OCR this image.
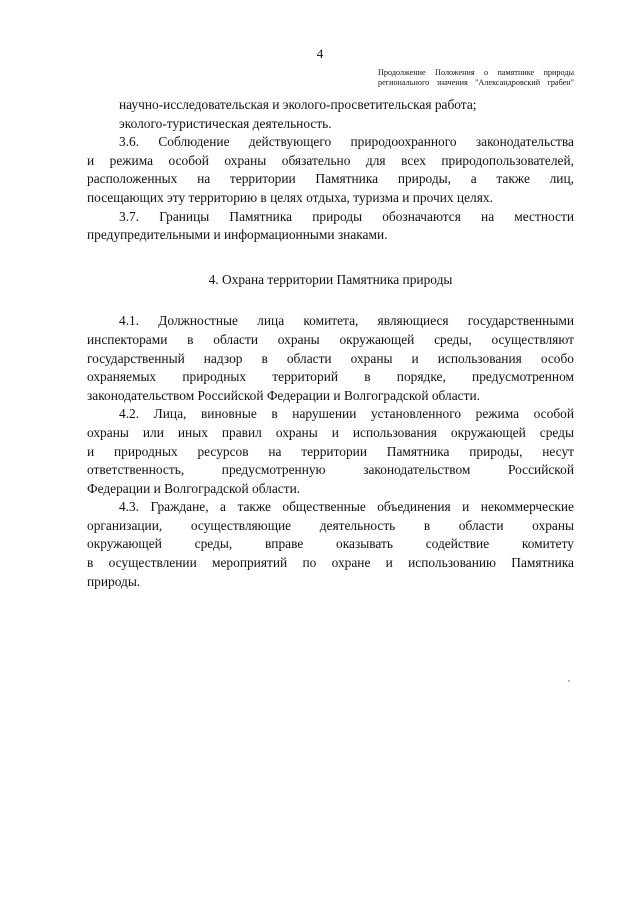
4
Продолжение Положения о памятнике природы
регионального значения "Александровский грабен"
научно-исследовательская и эколого-просветительская работа;
эколого-туристическая деятельность.
3.6. Соблюдение действующего природоохранного законодательства
и режима особой охраны обязательно для всех природопользователей,
расположенных на территории Памятника природы, а также лиц,
посещающих эту территорию в целях отдыха, туризма и прочих целях.
3.7. Границы Памятника природы обозначаются на местности
предупредительными и информационными знаками.
4. Охрана территории Памятника природы
4.1. Должностные лица комитета, являющиеся государственными
инспекторами в области охраны окружающей среды, осуществляют
государственный надзор в области охраны и использования особо
охраняемых природных территорий в порядке, предусмотренном
законодательством Российской Федерации и Волгоградской области.
4.2. Лица, виновные в нарушении установленного режима особой
охраны или иных правил охраны и использования окружающей среды
и природных ресурсов на территории Памятника природы, несут
ответственность, предусмотренную законодательством Российской
Федерации и Волгоградской области.
4.3. Граждане, а также общественные объединения и некоммерческие
организации, осуществляющие деятельность в области охраны
окружающей среды, вправе оказывать содействие комитету
в осуществлении мероприятий по охране и использованию Памятника
природы.
